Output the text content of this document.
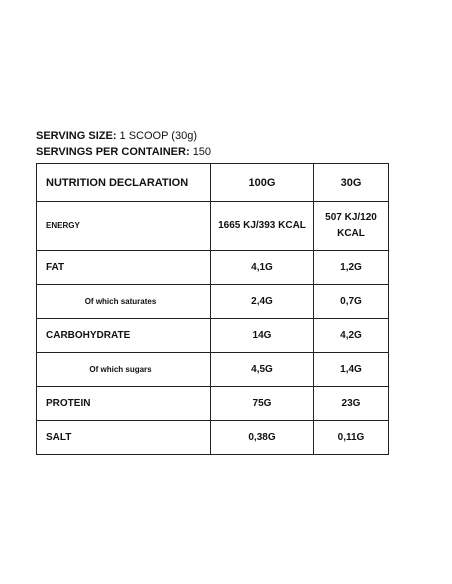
SERVING SIZE: 1 SCOOP (30g)
SERVINGS PER CONTAINER: 150
NUTRITION DECLARATION	100G	30G
ENERGY	1665 KJ/393 KCAL	507 KJ/120 KCAL
FAT	4,1G	1,2G
Of which saturates	2,4G	0,7G
CARBOHYDRATE	14G	4,2G
Of which sugars	4,5G	1,4G
PROTEIN	75G	23G
SALT	0,38G	0,11G
